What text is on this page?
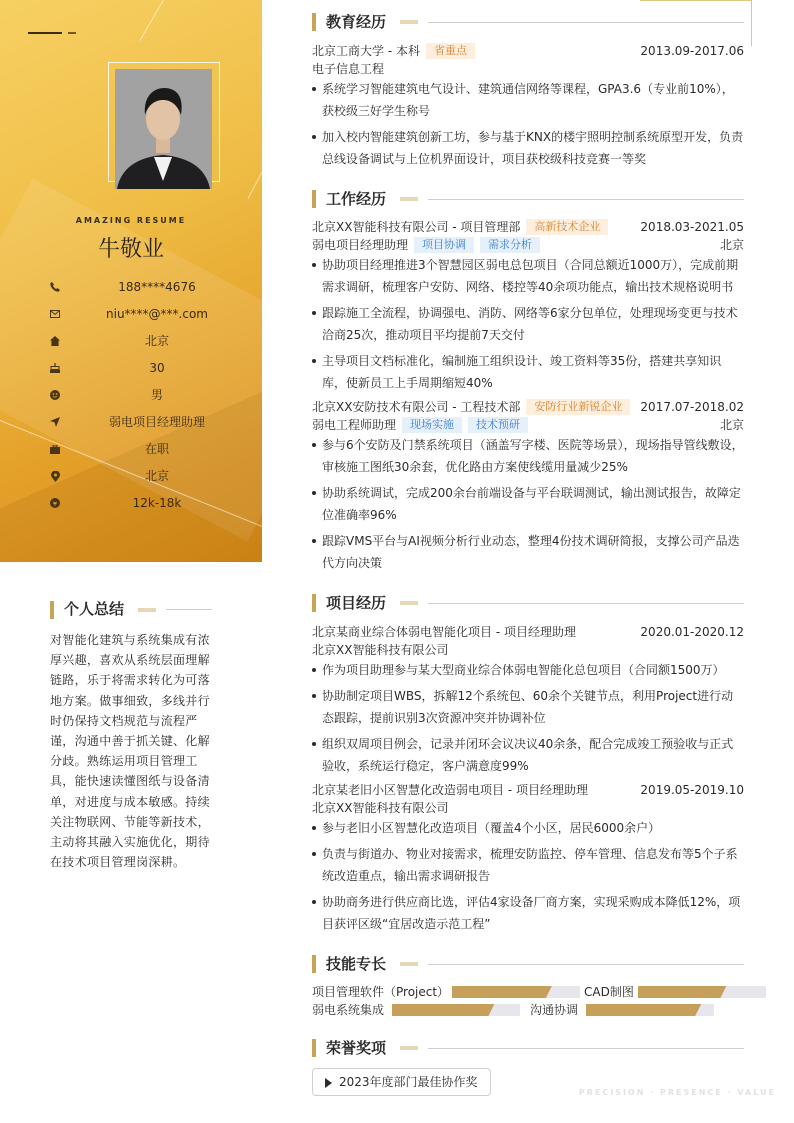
AMAZING RESUME
牛敬业
188****4676
niu****@***.com
北京
30
男
弱电项目经理助理
在职
北京
12k-18k
个人总结
对智能化建筑与系统集成有浓厚兴趣，喜欢从系统层面理解链路，乐于将需求转化为可落地方案。做事细致，多线并行时仍保持文档规范与流程严谨，沟通中善于抓关键、化解分歧。熟练运用项目管理工具，能快速读懂图纸与设备清单，对进度与成本敏感。持续关注物联网、节能等新技术，主动将其融入实施优化，期待在技术项目管理岗深耕。
教育经历
北京工商大学 - 本科 省重点	2013.09-2017.06
电子信息工程
系统学习智能建筑电气设计、建筑通信网络等课程，GPA3.6（专业前10%），获校级三好学生称号
加入校内智能建筑创新工坊，参与基于KNX的楼宇照明控制系统原型开发，负责总线设备调试与上位机界面设计，项目获校级科技竞赛一等奖
工作经历
北京XX智能科技有限公司 - 项目管理部 高新技术企业	2018.03-2021.05
弱电项目经理助理 项目协调 需求分析	北京
协助项目经理推进3个智慧园区弱电总包项目（合同总额近1000万），完成前期需求调研，梳理客户安防、网络、楼控等40余项功能点，输出技术规格说明书
跟踪施工全流程，协调强电、消防、网络等6家分包单位，处理现场变更与技术洽商25次，推动项目平均提前7天交付
主导项目文档标准化，编制施工组织设计、竣工资料等35份，搭建共享知识库，使新员工上手周期缩短40%
北京XX安防技术有限公司 - 工程技术部 安防行业新锐企业 2017.07-2018.02
弱电工程师助理 现场实施 技术预研	北京
参与6个安防及门禁系统项目（涵盖写字楼、医院等场景），现场指导管线敷设，审核施工图纸30余套，优化路由方案使线缆用量减少25%
协助系统调试，完成200余台前端设备与平台联调测试，输出测试报告，故障定位准确率96%
跟踪VMS平台与AI视频分析行业动态，整理4份技术调研简报，支撑公司产品迭代方向决策
项目经历
北京某商业综合体弱电智能化项目 - 项目经理助理	2020.01-2020.12
北京XX智能科技有限公司
作为项目助理参与某大型商业综合体弱电智能化总包项目（合同额1500万）
协助制定项目WBS，拆解12个系统包、60余个关键节点，利用Project进行动态跟踪，提前识别3次资源冲突并协调补位
组织双周项目例会，记录并闭环会议决议40余条，配合完成竣工预验收与正式验收，系统运行稳定，客户满意度99%
北京某老旧小区智慧化改造弱电项目 - 项目经理助理	2019.05-2019.10
北京XX智能科技有限公司
参与老旧小区智慧化改造项目（覆盖4个小区，居民6000余户）
负责与街道办、物业对接需求，梳理安防监控、停车管理、信息发布等5个子系统改造重点，输出需求调研报告
协助商务进行供应商比选，评估4家设备厂商方案，实现采购成本降低12%，项目获评区级“宜居改造示范工程”
技能专长
项目管理软件（Project）	CAD制图
弱电系统集成	沟通协调
荣誉奖项
2023年度部门最佳协作奖
PRECISION · PRESENCE · VALUE
